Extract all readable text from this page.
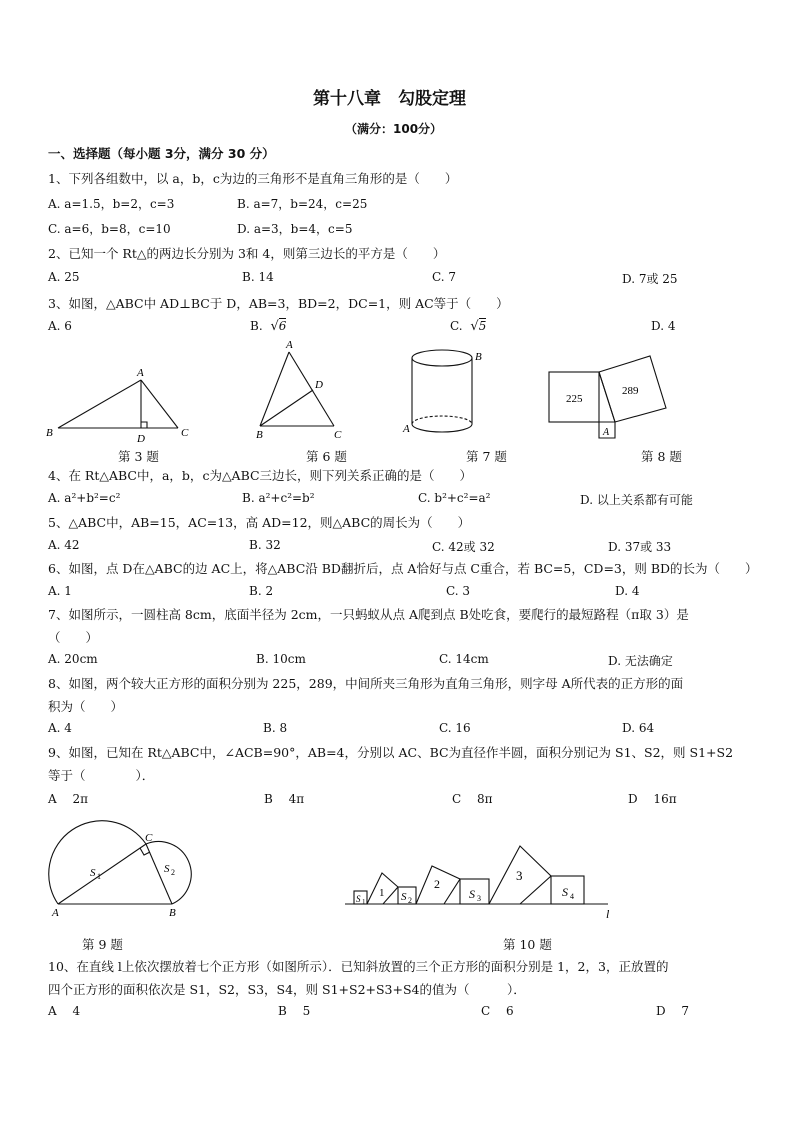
第十八章　勾股定理
（满分：100分）
一、选择题（每小题 3分，满分 30 分）
1、下列各组数中，以 a，b，c为边的三角形不是直角三角形的是（　　）
A. a=1.5，b=2，c=3	B. a=7，b=24，c=25
C. a=6，b=8，c=10	D. a=3，b=4，c=5
2、已知一个 Rt△的两边长分别为 3和 4，则第三边长的平方是（　　）
A. 25	B. 14	C. 7	D. 7或 25
3、如图，△ABC中 AD⊥BC于 D，AB=3，BD=2，DC=1，则 AC等于（　　）
A. 6	B. √6	C. √5	D. 4
A
B	C
D
A
B	C
D
B
A
225
289
A
第 3 题	第 6 题	第 7 题	第 8 题
4、在 Rt△ABC中，a，b，c为△ABC三边长，则下列关系正确的是（　　）
A. a²+b²=c²	B. a²+c²=b²	C. b²+c²=a²	D. 以上关系都有可能
5、△ABC中，AB=15，AC=13，高 AD=12，则△ABC的周长为（　　）
A. 42	B. 32	C. 42或 32	D. 37或 33
6、如图，点 D在△ABC的边 AC上，将△ABC沿 BD翻折后，点 A恰好与点 C重合，若 BC=5，CD=3，则 BD的长为（　　）
A. 1	B. 2	C. 3	D. 4
7、如图所示，一圆柱高 8cm，底面半径为 2cm，一只蚂蚁从点 A爬到点 B处吃食，要爬行的最短路程（π取 3）是
（　　）
A. 20cm	B. 10cm	C. 14cm	D. 无法确定
8、如图，两个较大正方形的面积分别为 225，289，中间所夹三角形为直角三角形，则字母 A所代表的正方形的面
积为（　　）
A. 4	B. 8	C. 16	D. 64
9、如图，已知在 Rt△ABC中，∠ACB=90°，AB=4，分别以 AC、BC为直径作半圆，面积分别记为 S1、S2，则 S1+S2
等于（　　　　）．
A　 2π	B　 4π	C　 8π	D　 16π
A	B
C
S 1
S 2
1
2
3
S 1	S 2	S 3	S 4
l
第 9 题	第 10 题
10、在直线 l上依次摆放着七个正方形（如图所示）．已知斜放置的三个正方形的面积分别是 1，2，3，正放置的
四个正方形的面积依次是 S1，S2，S3，S4，则 S1+S2+S3+S4的值为（　　　）．
A　 4	B　 5	C　 6	D　 7
